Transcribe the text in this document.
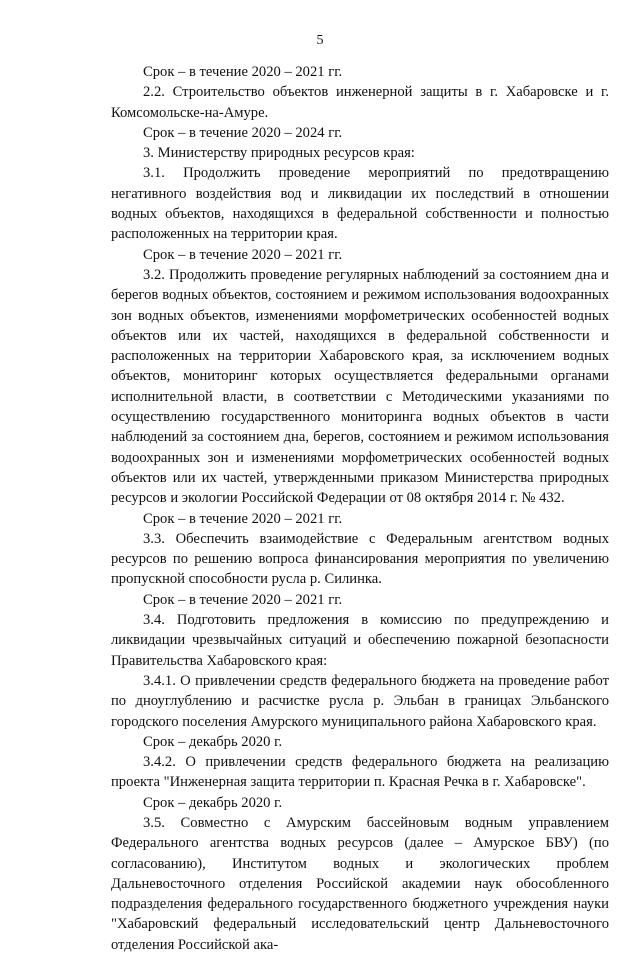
5

Срок – в течение 2020 – 2021 гг.

2.2. Строительство объектов инженерной защиты в г. Хабаровске и г. Комсомольске-на-Амуре.

Срок – в течение 2020 – 2024 гг.

3. Министерству природных ресурсов края:

3.1. Продолжить проведение мероприятий по предотвращению негативного воздействия вод и ликвидации их последствий в отношении водных объектов, находящихся в федеральной собственности и полностью расположенных на территории края.

Срок – в течение 2020 – 2021 гг.

3.2. Продолжить проведение регулярных наблюдений за состоянием дна и берегов водных объектов, состоянием и режимом использования водоохранных зон водных объектов, изменениями морфометрических особенностей водных объектов или их частей, находящихся в федеральной собственности и расположенных на территории Хабаровского края, за исключением водных объектов, мониторинг которых осуществляется федеральными органами исполнительной власти, в соответствии с Методическими указаниями по осуществлению государственного мониторинга водных объектов в части наблюдений за состоянием дна, берегов, состоянием и режимом использования водоохранных зон и изменениями морфометрических особенностей водных объектов или их частей, утвержденными приказом Министерства природных ресурсов и экологии Российской Федерации от 08 октября 2014 г. № 432.

Срок – в течение 2020 – 2021 гг.

3.3. Обеспечить взаимодействие с Федеральным агентством водных ресурсов по решению вопроса финансирования мероприятия по увеличению пропускной способности русла р. Силинка.

Срок – в течение 2020 – 2021 гг.

3.4. Подготовить предложения в комиссию по предупреждению и ликвидации чрезвычайных ситуаций и обеспечению пожарной безопасности Правительства Хабаровского края:

3.4.1. О привлечении средств федерального бюджета на проведение работ по дноуглублению и расчистке русла р. Эльбан в границах Эльбанского городского поселения Амурского муниципального района Хабаровского края.

Срок – декабрь 2020 г.

3.4.2. О привлечении средств федерального бюджета на реализацию проекта "Инженерная защита территории п. Красная Речка в г. Хабаровске".

Срок – декабрь 2020 г.

3.5. Совместно с Амурским бассейновым водным управлением Федерального агентства водных ресурсов (далее – Амурское БВУ) (по согласованию), Институтом водных и экологических проблем Дальневосточного отделения Российской академии наук обособленного подразделения федерального государственного бюджетного учреждения науки "Хабаровский федеральный исследовательский центр Дальневосточного отделения Российской ака-
